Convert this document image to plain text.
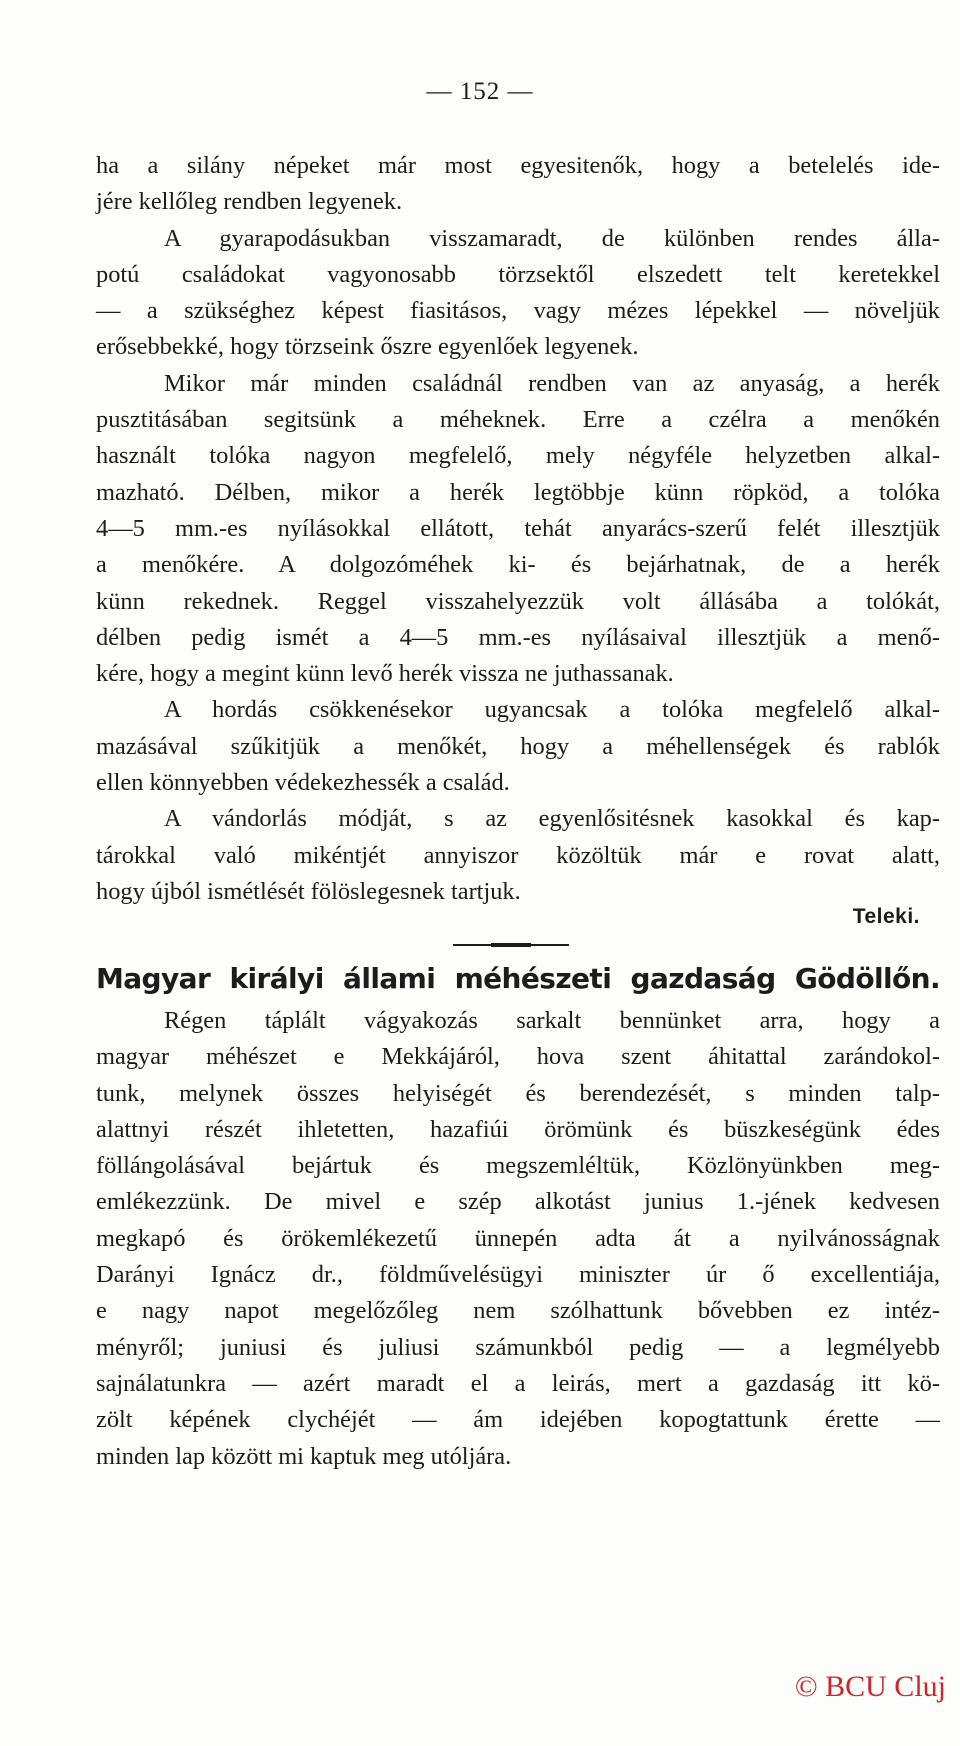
— 152 —
ha a silány népeket már most egyesitenők, hogy a betelelés ide-
jére kellőleg rendben legyenek.
A gyarapodásukban visszamaradt, de különben rendes álla-
potú családokat vagyonosabb törzsektől elszedett telt keretekkel
— a szükséghez képest fiasitásos, vagy mézes lépekkel — növeljük
erősebbekké, hogy törzseink őszre egyenlőek legyenek.
Mikor már minden családnál rendben van az anyaság, a herék
pusztitásában segitsünk a méheknek. Erre a czélra a menőkén
használt tolóka nagyon megfelelő, mely négyféle helyzetben alkal-
mazható. Délben, mikor a herék legtöbbje künn röpköd, a tolóka
4—5 mm.-es nyílásokkal ellátott, tehát anyarács-szerű felét illesztjük
a menőkére. A dolgozóméhek ki- és bejárhatnak, de a herék
künn rekednek. Reggel visszahelyezzük volt állásába a tolókát,
délben pedig ismét a 4—5 mm.-es nyílásaival illesztjük a menő-
kére, hogy a megint künn levő herék vissza ne juthassanak.
A hordás csökkenésekor ugyancsak a tolóka megfelelő alkal-
mazásával szűkitjük a menőkét, hogy a méhellenségek és rablók
ellen könnyebben védekezhessék a család.
A vándorlás módját, s az egyenlősitésnek kasokkal és kap-
tárokkal való mikéntjét annyiszor közöltük már e rovat alatt,
hogy újból ismétlését fölöslegesnek tartjuk.
Teleki.
Magyar királyi állami méhészeti gazdaság Gödöllőn.
Régen táplált vágyakozás sarkalt bennünket arra, hogy a
magyar méhészet e Mekkájáról, hova szent áhitattal zarándokol-
tunk, melynek összes helyiségét és berendezését, s minden talp-
alattnyi részét ihletetten, hazafiúi örömünk és büszkeségünk édes
föllángolásával bejártuk és megszemléltük, Közlönyünkben meg-
emlékezzünk. De mivel e szép alkotást junius 1.-jének kedvesen
megkapó és örökemlékezetű ünnepén adta át a nyilvánosságnak
Darányi Ignácz dr., földművelésügyi miniszter úr ő excellentiája,
e nagy napot megelőzőleg nem szólhattunk bővebben ez intéz-
ményről; juniusi és juliusi számunkból pedig — a legmélyebb
sajnálatunkra — azért maradt el a leirás, mert a gazdaság itt kö-
zölt képének clychéjét — ám idejében kopogtattunk érette —
minden lap között mi kaptuk meg utóljára.
© BCU Cluj
